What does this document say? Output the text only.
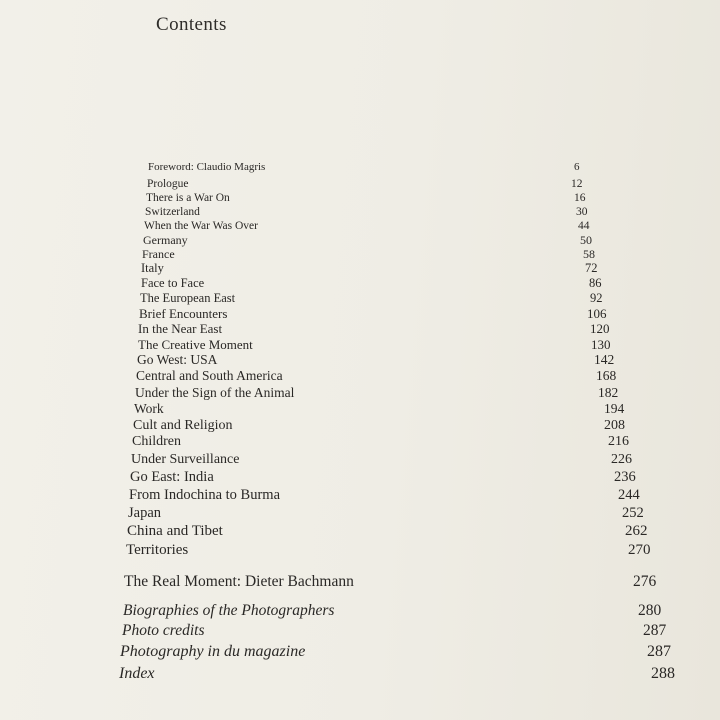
Contents
Foreword: Claudio Magris	6
Prologue	12
There is a War On	16
Switzerland	30
When the War Was Over	44
Germany	50
France	58
Italy	72
Face to Face	86
The European East	92
Brief Encounters	106
In the Near East	120
The Creative Moment	130
Go West: USA	142
Central and South America	168
Under the Sign of the Animal	182
Work	194
Cult and Religion	208
Children	216
Under Surveillance	226
Go East: India	236
From Indochina to Burma	244
Japan	252
China and Tibet	262
Territories	270
The Real Moment: Dieter Bachmann	276
Biographies of the Photographers	280
Photo credits	287
Photography in du magazine	287
Index	288
